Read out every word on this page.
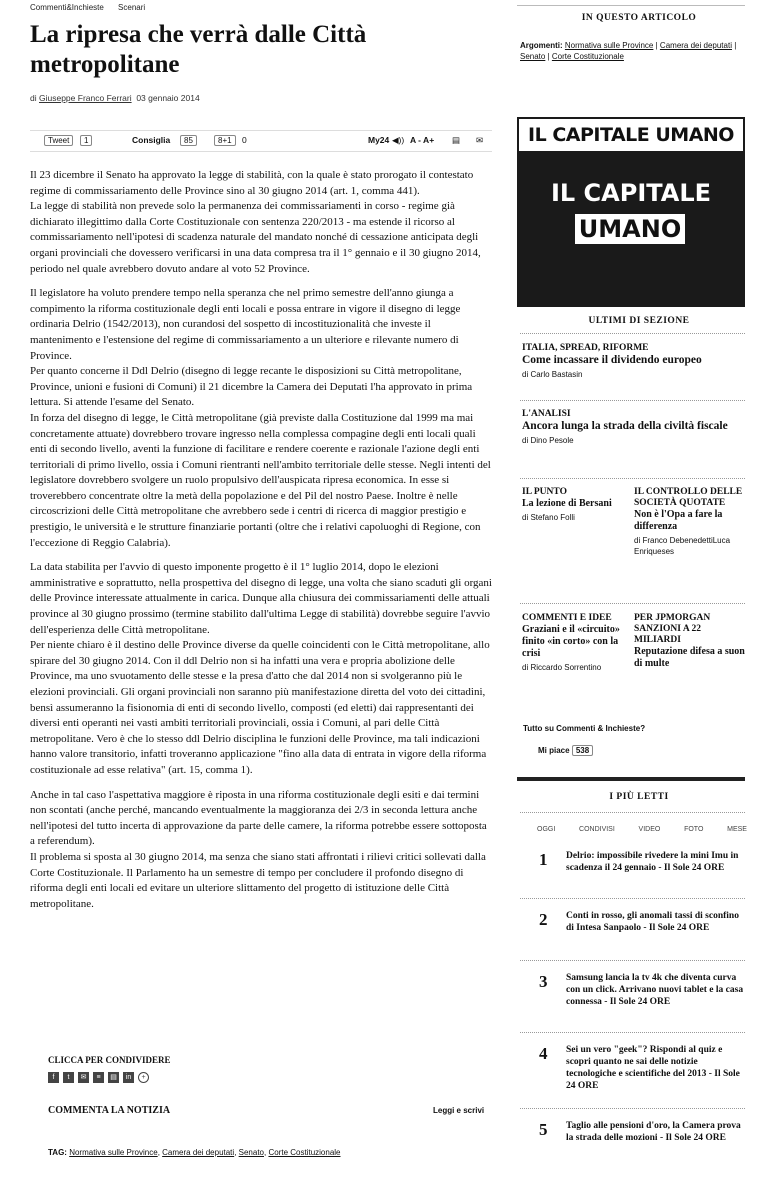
Commenti&Inchieste Scenari
La ripresa che verrà dalle Città metropolitane
di Giuseppe Franco Ferrari 03 gennaio 2014
Tweet	1	Consiglia	85	8+1	0	My24 ◀)) A - A+ ▤ ✉

Il 23 dicembre il Senato ha approvato la legge di stabilità, con la quale è stato prorogato il contestato regime di commissariamento delle Province sino al 30 giugno 2014 (art. 1, comma 441).

La legge di stabilità non prevede solo la permanenza dei commissariamenti in corso - regime già dichiarato illegittimo dalla Corte Costituzionale con sentenza 220/2013 - ma estende il ricorso al commissariamento nell'ipotesi di scadenza naturale del mandato nonché di cessazione anticipata degli organi provinciali che dovessero verificarsi in una data compresa tra il 1° gennaio e il 30 giugno 2014, periodo nel quale avrebbero dovuto andare al voto 52 Province.

Il legislatore ha voluto prendere tempo nella speranza che nel primo semestre dell'anno giunga a compimento la riforma costituzionale degli enti locali e possa entrare in vigore il disegno di legge ordinaria Delrio (1542/2013), non curandosi del sospetto di incostituzionalità che investe il mantenimento e l'estensione del regime di commissariamento a un ulteriore e rilevante numero di Province.

Per quanto concerne il Ddl Delrio (disegno di legge recante le disposizioni su Città metropolitane, Province, unioni e fusioni di Comuni) il 21 dicembre la Camera dei Deputati l'ha approvato in prima lettura. Si attende l'esame del Senato.

In forza del disegno di legge, le Città metropolitane (già previste dalla Costituzione dal 1999 ma mai concretamente attuate) dovrebbero trovare ingresso nella complessa compagine degli enti locali quali enti di secondo livello, aventi la funzione di facilitare e rendere coerente e razionale l'azione degli enti territoriali di primo livello, ossia i Comuni rientranti nell'ambito territoriale delle stesse. Negli intenti del legislatore dovrebbero svolgere un ruolo propulsivo dell'auspicata ripresa economica. In esse si troverebbero concentrate oltre la metà della popolazione e del Pil del nostro Paese. Inoltre è nelle circoscrizioni delle Città metropolitane che avrebbero sede i centri di ricerca di maggior prestigio e prestigio, le università e le strutture finanziarie portanti (oltre che i relativi capoluoghi di Regione, con l'eccezione di Reggio Calabria).

La data stabilita per l'avvio di questo imponente progetto è il 1° luglio 2014, dopo le elezioni amministrative e soprattutto, nella prospettiva del disegno di legge, una volta che siano scaduti gli organi delle Province interessate attualmente in carica. Dunque alla chiusura dei commissariamenti delle attuali province al 30 giugno prossimo (termine stabilito dall'ultima Legge di stabilità) dovrebbe seguire l'avvio dell'esperienza delle Città metropolitane.

Per niente chiaro è il destino delle Province diverse da quelle coincidenti con le Città metropolitane, allo spirare del 30 giugno 2014. Con il ddl Delrio non si ha infatti una vera e propria abolizione delle Province, ma uno svuotamento delle stesse e la presa d'atto che dal 2014 non si svolgeranno più le elezioni provinciali. Gli organi provinciali non saranno più manifestazione diretta del voto dei cittadini, bensì assumeranno la fisionomia di enti di secondo livello, composti (ed eletti) dai rappresentanti dei diversi enti operanti nei vasti ambiti territoriali provinciali, ossia i Comuni, al pari delle Città metropolitane. Vero è che lo stesso ddl Delrio disciplina le funzioni delle Province, ma tali indicazioni hanno valore transitorio, infatti troveranno applicazione "fino alla data di entrata in vigore della riforma costituzionale ad esse relativa" (art. 15, comma 1).

Anche in tal caso l'aspettativa maggiore è riposta in una riforma costituzionale degli esiti e dai termini non scontati (anche perché, mancando eventualmente la maggioranza dei 2/3 in seconda lettura anche nell'ipotesi del tutto incerta di approvazione da parte delle camere, la riforma potrebbe essere sottoposta a referendum).

Il problema si sposta al 30 giugno 2014, ma senza che siano stati affrontati i rilievi critici sollevati dalla Corte Costituzionale. Il Parlamento ha un semestre di tempo per concludere il profondo disegno di riforma degli enti locali ed evitare un ulteriore slittamento del progetto di istituzione delle Città metropolitane.

CLICCA PER CONDIVIDERE
f	t	✉	≡	▤	in	+
COMMENTA LA NOTIZIA	Leggi e scrivi
TAG: Normativa sulle Province, Camera dei deputati, Senato, Corte Costituzionale
IN QUESTO ARTICOLO
Argomenti: Normativa sulle Province | Camera dei deputati | Senato | Corte Costituzionale
IL CAPITALE UMANO
IL CAPITALE
UMANO
ULTIMI DI SEZIONE
ITALIA, SPREAD, RIFORME
Come incassare il dividendo europeo
di Carlo Bastasin
L'ANALISI
Ancora lunga la strada della civiltà fiscale
di Dino Pesole
IL PUNTO
La lezione di Bersani
di Stefano Folli
IL CONTROLLO DELLE SOCIETÀ QUOTATE
Non è l'Opa a fare la differenza
di Franco DebenedettiLuca Enriqueses
COMMENTI E IDEE
Graziani e il «circuito» finito «in corto» con la crisi
di Riccardo Sorrentino
PER JPMORGAN SANZIONI A 22 MILIARDI
Reputazione difesa a suon di multe
Tutto su Commenti & Inchieste?
Mi piace 538
I PIÙ LETTI
OGGI	CONDIVISI	VIDEO	FOTO	MESE
1 Delrio: impossibile rivedere la mini Imu in scadenza il 24 gennaio - Il Sole 24 ORE
2 Conti in rosso, gli anomali tassi di sconfino di Intesa Sanpaolo - Il Sole 24 ORE
3 Samsung lancia la tv 4k che diventa curva con un click. Arrivano nuovi tablet e la casa connessa - Il Sole 24 ORE
4 Sei un vero "geek"? Rispondi al quiz e scopri quanto ne sai delle notizie tecnologiche e scientifiche del 2013 - Il Sole 24 ORE
5 Taglio alle pensioni d'oro, la Camera prova la strada delle mozioni - Il Sole 24 ORE
